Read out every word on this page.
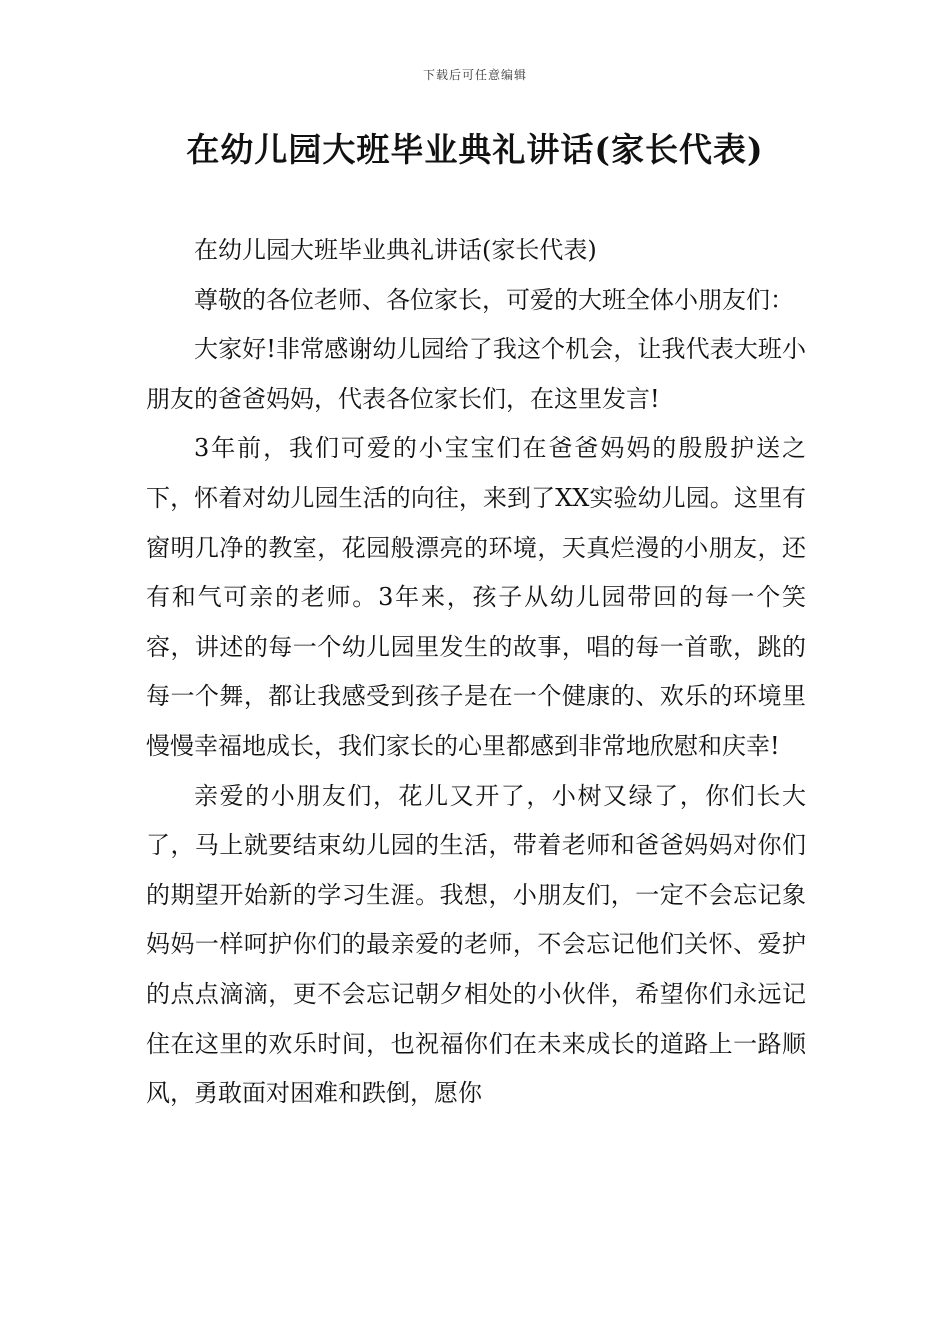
下载后可任意编辑
在幼儿园大班毕业典礼讲话(家长代表)

在幼儿园大班毕业典礼讲话(家长代表)

尊敬的各位老师、各位家长，可爱的大班全体小朋友们：

大家好!非常感谢幼儿园给了我这个机会，让我代表大班小朋友的爸爸妈妈，代表各位家长们，在这里发言!

3年前，我们可爱的小宝宝们在爸爸妈妈的殷殷护送之下，怀着对幼儿园生活的向往，来到了XX实验幼儿园。这里有窗明几净的教室，花园般漂亮的环境，天真烂漫的小朋友，还有和气可亲的老师。3年来，孩子从幼儿园带回的每一个笑容，讲述的每一个幼儿园里发生的故事，唱的每一首歌，跳的每一个舞，都让我感受到孩子是在一个健康的、欢乐的环境里慢慢幸福地成长，我们家长的心里都感到非常地欣慰和庆幸!

亲爱的小朋友们，花儿又开了，小树又绿了，你们长大了，马上就要结束幼儿园的生活，带着老师和爸爸妈妈对你们的期望开始新的学习生涯。我想，小朋友们，一定不会忘记象妈妈一样呵护你们的最亲爱的老师，不会忘记他们关怀、爱护的点点滴滴，更不会忘记朝夕相处的小伙伴，希望你们永远记住在这里的欢乐时间，也祝福你们在未来成长的道路上一路顺风，勇敢面对困难和跌倒，愿你
